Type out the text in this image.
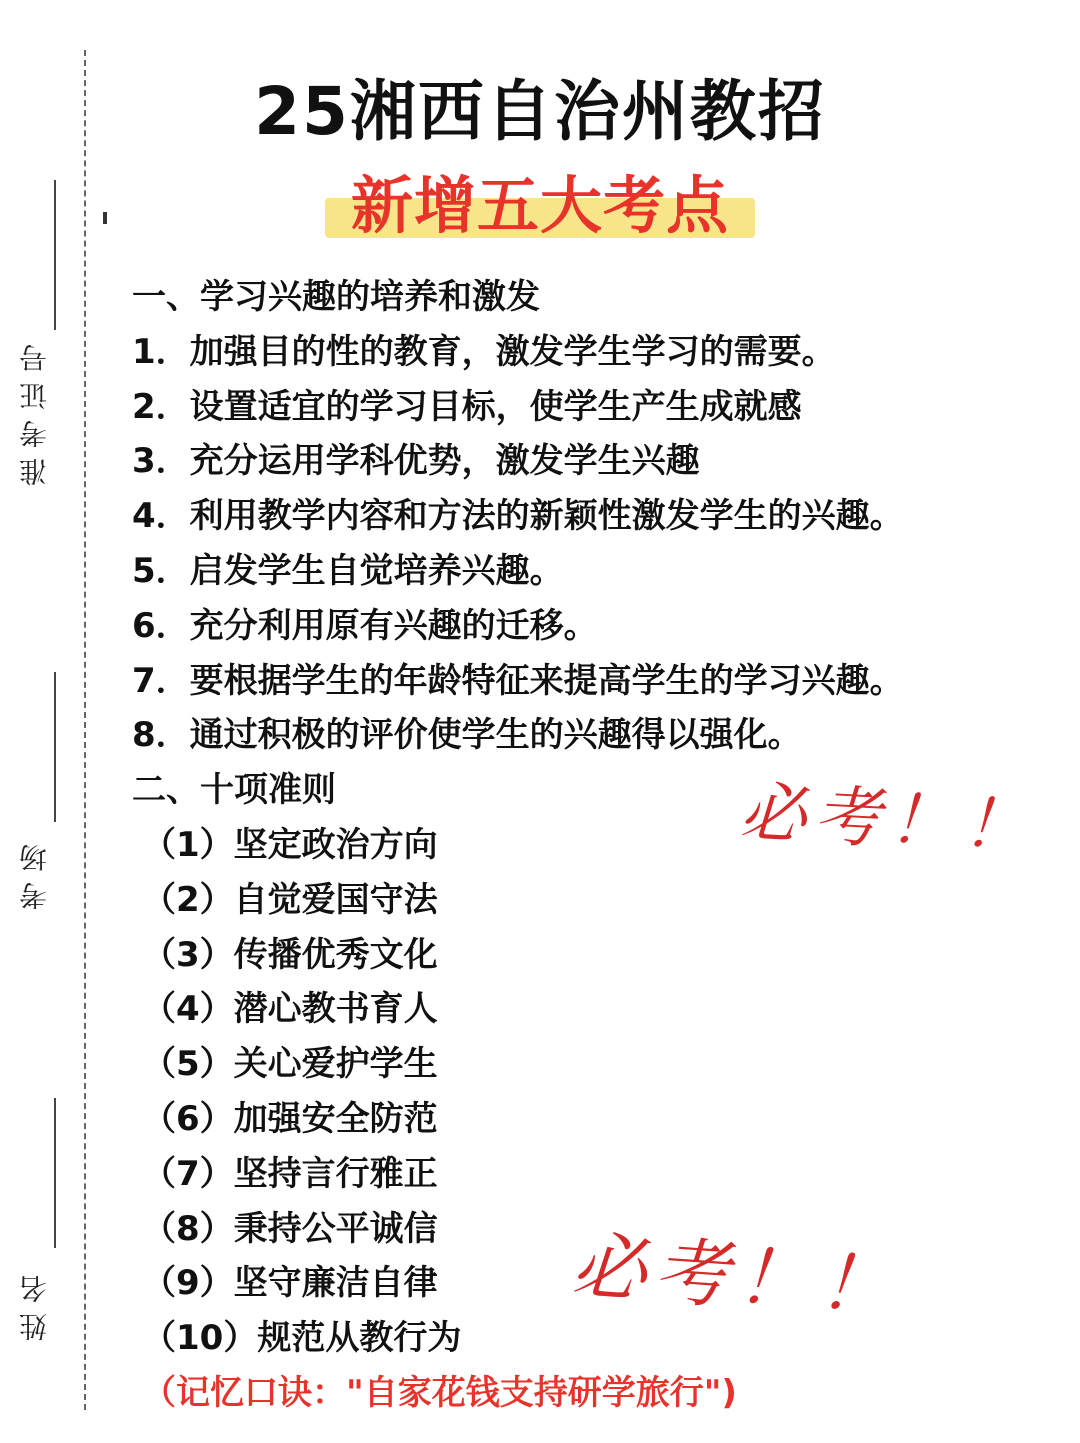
准考证号
考场
姓名
25湘西自治州教招
新增五大考点
一、学习兴趣的培养和激发
1．加强目的性的教育，激发学生学习的需要。
2．设置适宜的学习目标，使学生产生成就感
3．充分运用学科优势，激发学生兴趣
4．利用教学内容和方法的新颖性激发学生的兴趣。
5．启发学生自觉培养兴趣。
6．充分利用原有兴趣的迁移。
7．要根据学生的年龄特征来提高学生的学习兴趣。
8．通过积极的评价使学生的兴趣得以强化。
二、十项准则
（1）坚定政治方向
（2）自觉爱国守法
（3）传播优秀文化
（4）潜心教书育人
（5）关心爱护学生
（6）加强安全防范
（7）坚持言行雅正
（8）秉持公平诚信
（9）坚守廉洁自律
（10）规范从教行为
（记忆口诀："自家花钱支持研学旅行")
必考！！
必考！！
